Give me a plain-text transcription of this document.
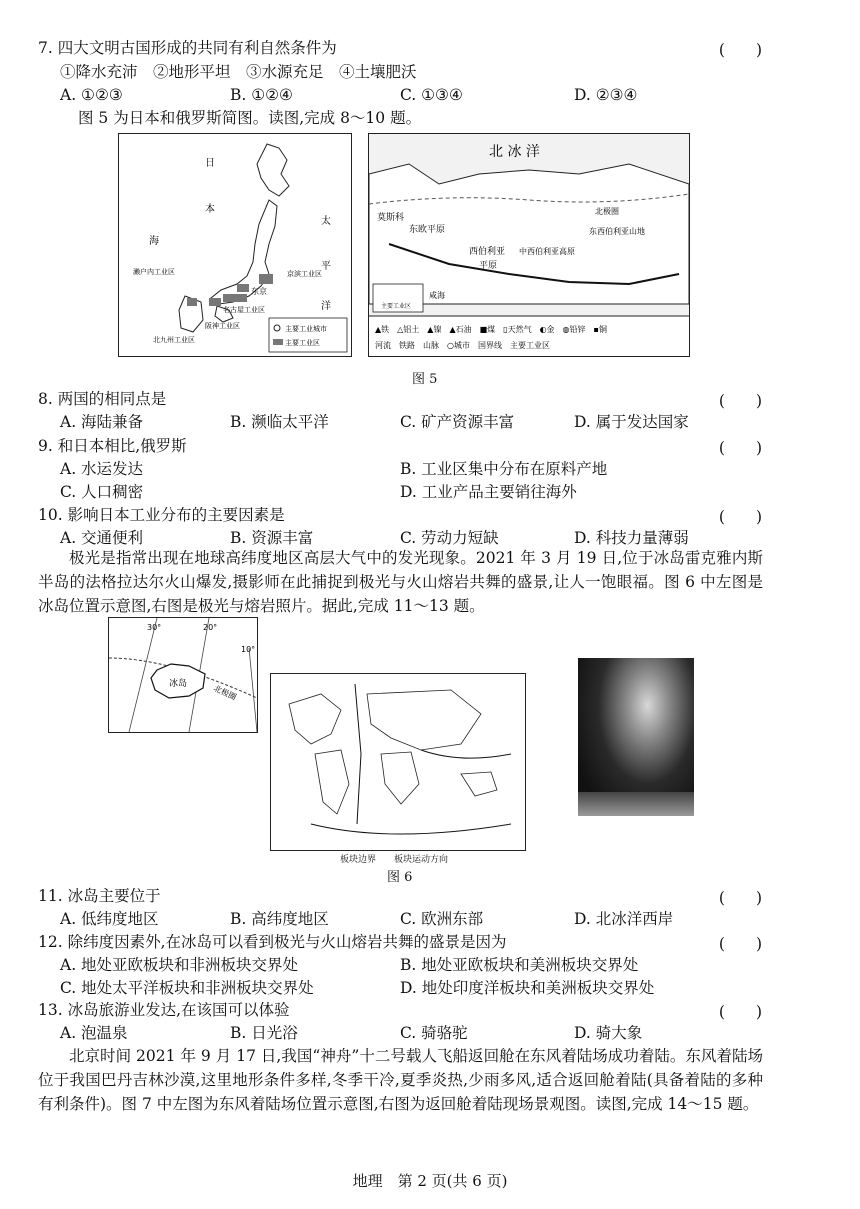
7. 四大文明古国形成的共同有利自然条件为	(　　)
①降水充沛　②地形平坦　③水源充足　④土壤肥沃
A. ①②③	B. ①②④	C. ①③④	D. ②③④
图 5 为日本和俄罗斯简图。读图,完成 8～10 题。
日
本
海
太
平
洋
京滨工业区
濑户内工业区
名古屋工业区
阪神工业区
北九州工业区
东京
主要工业城市
主要工业区
北 冰 洋
东欧平原
西伯利亚
平原
中西伯利亚高原
北极圈
东西伯利亚山地
莫斯科
咸海
主要工业区
▲铁　△铝土　▲镍　▲石油　■煤　▯天然气　◐金　◍铅锌　▪铜
河流　铁路　山脉　○城市　国界线　主要工业区
图 5
8. 两国的相同点是	(　　)
A. 海陆兼备	B. 濒临太平洋	C. 矿产资源丰富	D. 属于发达国家
9. 和日本相比,俄罗斯	(　　)
A. 水运发达	B. 工业区集中分布在原料产地
C. 人口稠密	D. 工业产品主要销往海外
10. 影响日本工业分布的主要因素是	(　　)
A. 交通便利	B. 资源丰富	C. 劳动力短缺	D. 科技力量薄弱
极光是指常出现在地球高纬度地区高层大气中的发光现象。2021 年 3 月 19 日,位于冰岛雷克雅内斯半岛的法格拉达尔火山爆发,摄影师在此捕捉到极光与火山熔岩共舞的盛景,让人一饱眼福。图 6 中左图是冰岛位置示意图,右图是极光与熔岩照片。据此,完成 11～13 题。
30°	20°
10°
北极圈
冰岛
板块边界　　板块运动方向
图 6
11. 冰岛主要位于	(　　)
A. 低纬度地区	B. 高纬度地区	C. 欧洲东部	D. 北冰洋西岸
12. 除纬度因素外,在冰岛可以看到极光与火山熔岩共舞的盛景是因为	(　　)
A. 地处亚欧板块和非洲板块交界处	B. 地处亚欧板块和美洲板块交界处
C. 地处太平洋板块和非洲板块交界处	D. 地处印度洋板块和美洲板块交界处
13. 冰岛旅游业发达,在该国可以体验	(　　)
A. 泡温泉	B. 日光浴	C. 骑骆驼	D. 骑大象
北京时间 2021 年 9 月 17 日,我国“神舟”十二号载人飞船返回舱在东风着陆场成功着陆。东风着陆场位于我国巴丹吉林沙漠,这里地形条件多样,冬季干冷,夏季炎热,少雨多风,适合返回舱着陆(具备着陆的多种有利条件)。图 7 中左图为东风着陆场位置示意图,右图为返回舱着陆现场景观图。读图,完成 14～15 题。
地理　第 2 页(共 6 页)
